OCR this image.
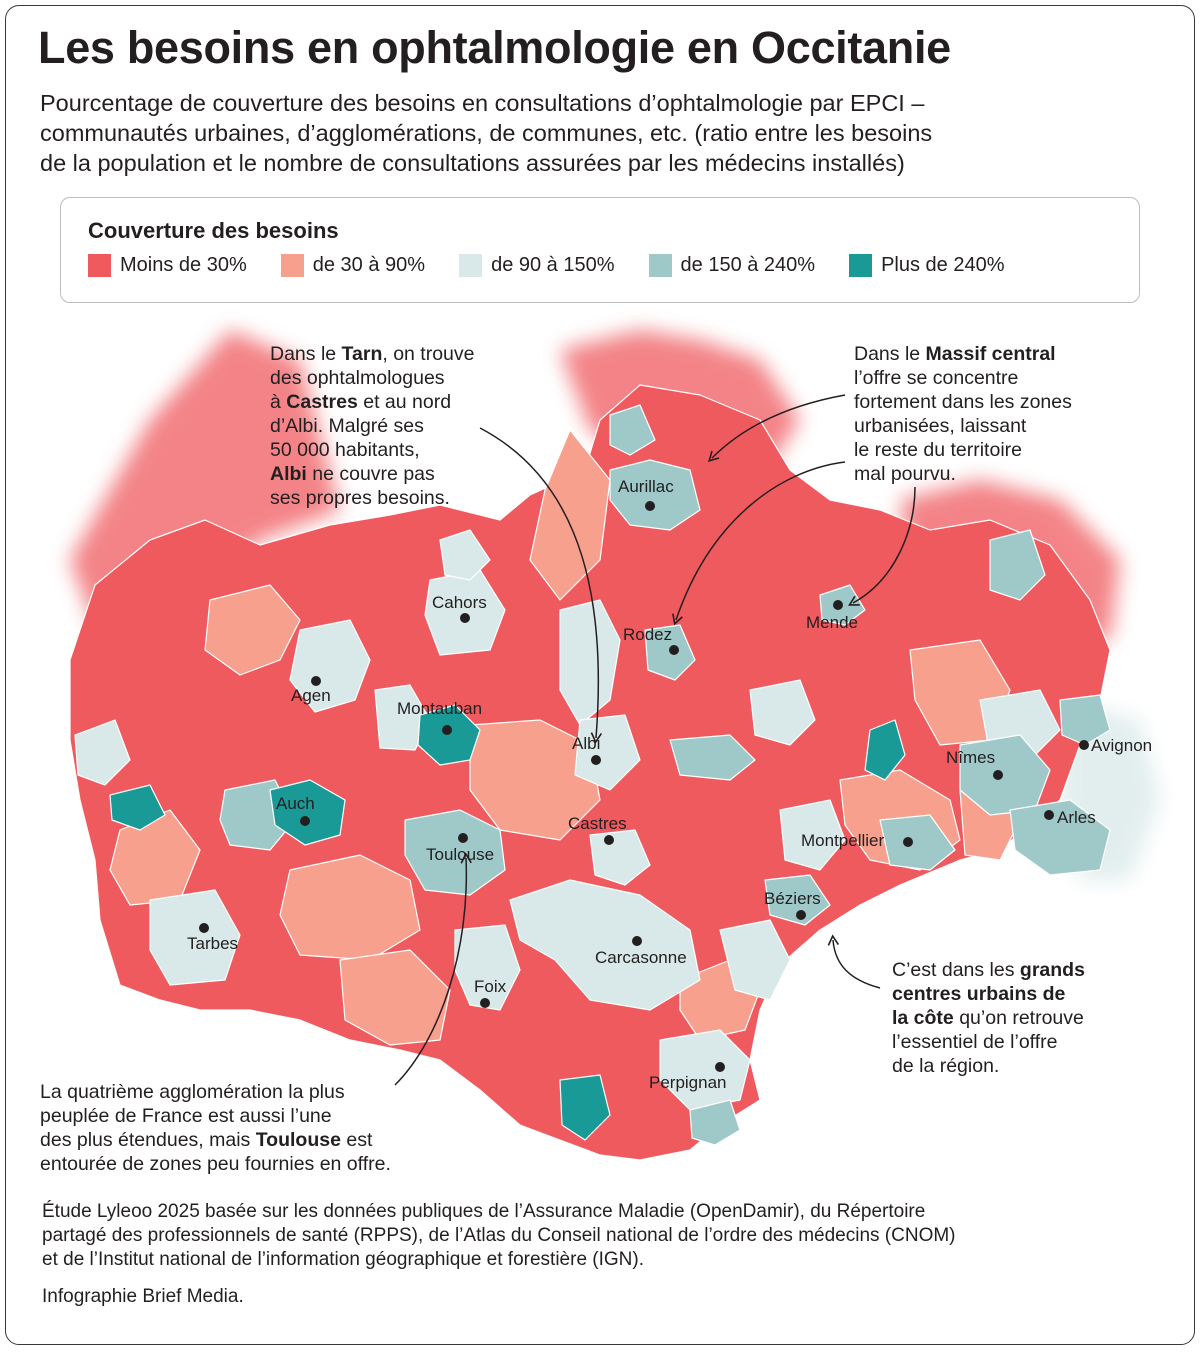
Les besoins en ophtalmologie en Occitanie
Pourcentage de couverture des besoins en consultations d’ophtalmologie par EPCI –
communautés urbaines, d’agglomérations, de communes, etc. (ratio entre les besoins
de la population et le nombre de consultations assurées par les médecins installés)
Couverture des besoins
Moins de 30%	de 30 à 90%	de 90 à 150%	de 150 à 240%	Plus de 240%
Aurillac
Cahors
Rodez
Mende
Agen
Montauban
Albi	Avignon
Nîmes
Auch
Arles
Castres
Montpellier
Toulouse
Béziers
Tarbes
Carcasonne
Foix
Perpignan
Dans le Tarn, on trouve
des ophtalmologues
à Castres et au nord
d’Albi. Malgré ses
50 000 habitants,
Albi ne couvre pas
ses propres besoins.
Dans le Massif central
l’offre se concentre
fortement dans les zones
urbanisées, laissant
le reste du territoire
mal pourvu.
C’est dans les grands
centres urbains de
la côte qu’on retrouve
l’essentiel de l’offre
de la région.
La quatrième agglomération la plus
peuplée de France est aussi l’une
des plus étendues, mais Toulouse est
entourée de zones peu fournies en offre.
Étude Lyleoo 2025 basée sur les données publiques de l’Assurance Maladie (OpenDamir), du Répertoire
partagé des professionnels de santé (RPPS), de l’Atlas du Conseil national de l’ordre des médecins (CNOM)
et de l’Institut national de l’information géographique et forestière (IGN).
Infographie Brief Media.
